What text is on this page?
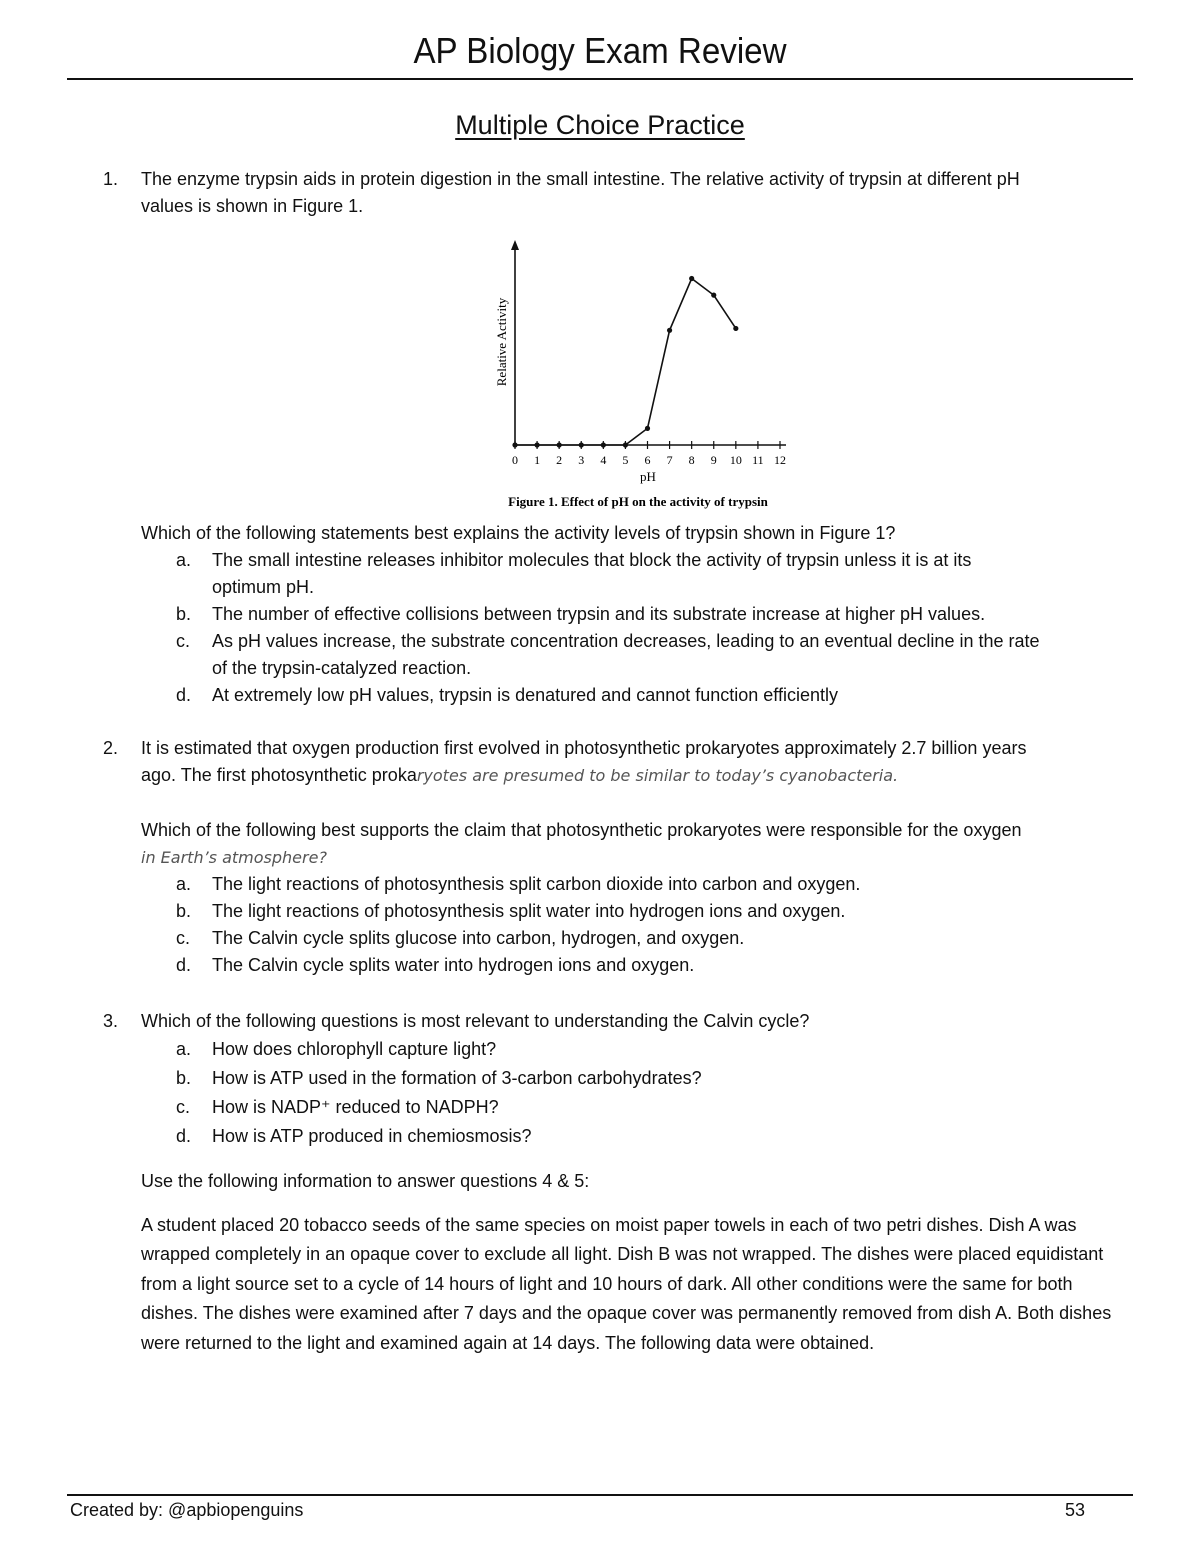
AP Biology Exam Review
Multiple Choice Practice
1. The enzyme trypsin aids in protein digestion in the small intestine. The relative activity of trypsin at different pH
values is shown in Figure 1.
0 1 2 3 4 5 6 7 8 9 10 11 12
Relative Activity
pH
Figure 1. Effect of pH on the activity of trypsin
Which of the following statements best explains the activity levels of trypsin shown in Figure 1?
a. The small intestine releases inhibitor molecules that block the activity of trypsin unless it is at its
optimum pH.
b. The number of effective collisions between trypsin and its substrate increase at higher pH values.
c. As pH values increase, the substrate concentration decreases, leading to an eventual decline in the rate
of the trypsin-catalyzed reaction.
d. At extremely low pH values, trypsin is denatured and cannot function efficiently
2. It is estimated that oxygen production first evolved in photosynthetic prokaryotes approximately 2.7 billion years
ago. The first photosynthetic prokaryotes are presumed to be similar to today’s cyanobacteria.
Which of the following best supports the claim that photosynthetic prokaryotes were responsible for the oxygen
in Earth’s atmosphere?
a. The light reactions of photosynthesis split carbon dioxide into carbon and oxygen.
b. The light reactions of photosynthesis split water into hydrogen ions and oxygen.
c. The Calvin cycle splits glucose into carbon, hydrogen, and oxygen.
d. The Calvin cycle splits water into hydrogen ions and oxygen.
3. Which of the following questions is most relevant to understanding the Calvin cycle?
a. How does chlorophyll capture light?
b. How is ATP used in the formation of 3-carbon carbohydrates?
c. How is NADP⁺ reduced to NADPH?
d. How is ATP produced in chemiosmosis?
Use the following information to answer questions 4 & 5:
A student placed 20 tobacco seeds of the same species on moist paper towels in each of two petri dishes. Dish A was wrapped completely in an opaque cover to exclude all light. Dish B was not wrapped. The dishes were placed equidistant from a light source set to a cycle of 14 hours of light and 10 hours of dark. All other conditions were the same for both dishes. The dishes were examined after 7 days and the opaque cover was permanently removed from dish A. Both dishes were returned to the light and examined again at 14 days. The following data were obtained.
Created by: @apbiopenguins	53
